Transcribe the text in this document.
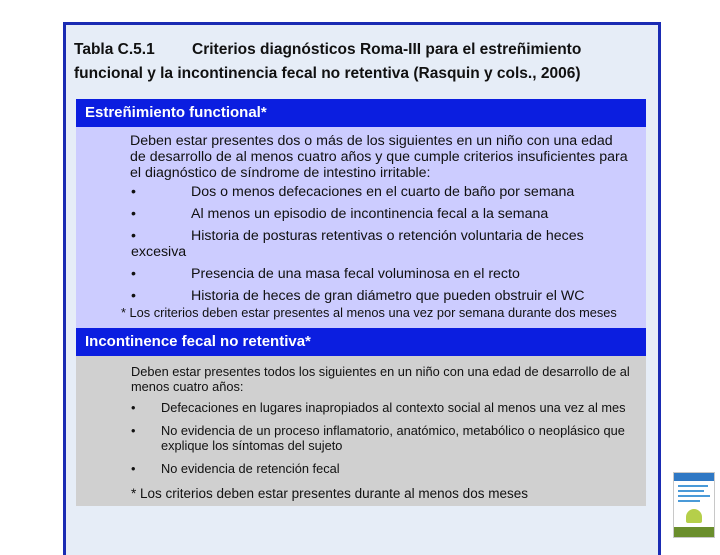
Tabla C.5.1 Criterios diagnósticos Roma-III para el estreñimiento
funcional y la incontinencia fecal no retentiva (Rasquin y cols., 2006)
Estreñimiento functional*
Deben estar presentes dos o más de los siguientes en un niño con una edad de desarrollo de al menos cuatro años y que cumple criterios insuficientes para el diagnóstico de síndrome de intestino irritable:
•	Dos o menos defecaciones en el cuarto de baño por semana
•	Al menos un episodio de incontinencia fecal a la semana
•	Historia de posturas retentivas o retención voluntaria de heces
excesiva
•	Presencia de una masa fecal voluminosa en el recto
•	Historia de heces de gran diámetro que pueden obstruir el WC
* Los criterios deben estar presentes al menos una vez por semana durante dos meses
Incontinence fecal no retentiva*
Deben estar presentes todos los siguientes en un niño con una edad de desarrollo de al menos cuatro años:
•	Defecaciones en lugares inapropiados al contexto social al menos una vez al mes
•	No evidencia de un proceso inflamatorio, anatómico, metabólico o neoplásico que explique los síntomas del sujeto
•	No evidencia de retención fecal
* Los criterios deben estar presentes durante al menos dos meses
